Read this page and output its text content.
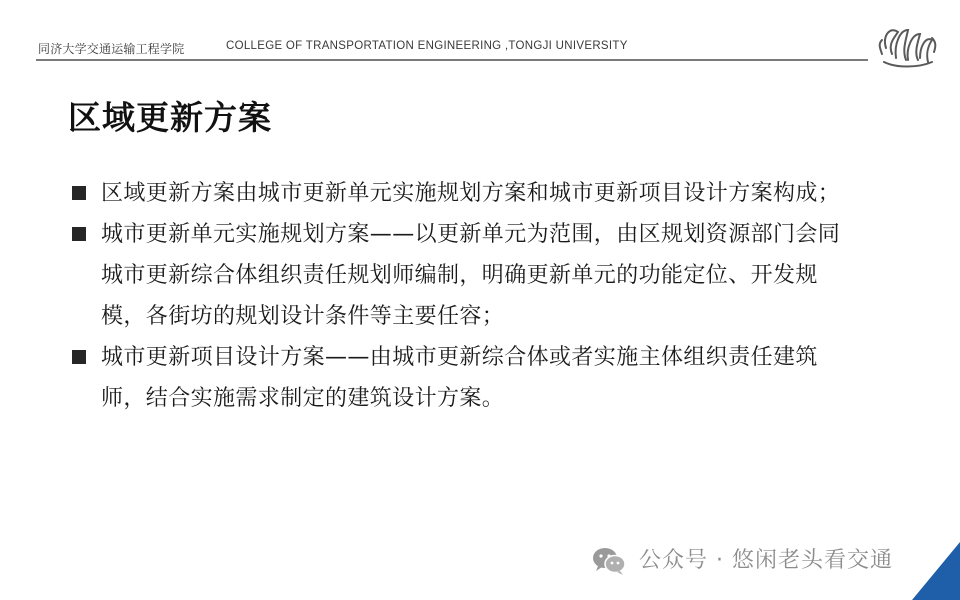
同济大学交通运输工程学院	COLLEGE OF TRANSPORTATION ENGINEERING ,TONGJI UNIVERSITY
区域更新方案
区域更新方案由城市更新单元实施规划方案和城市更新项目设计方案构成；
城市更新单元实施规划方案——以更新单元为范围，由区规划资源部门会同城市更新综合体组织责任规划师编制，明确更新单元的功能定位、开发规模，各街坊的规划设计条件等主要任容；
城市更新项目设计方案——由城市更新综合体或者实施主体组织责任建筑师，结合实施需求制定的建筑设计方案。
公众号 · 悠闲老头看交通
